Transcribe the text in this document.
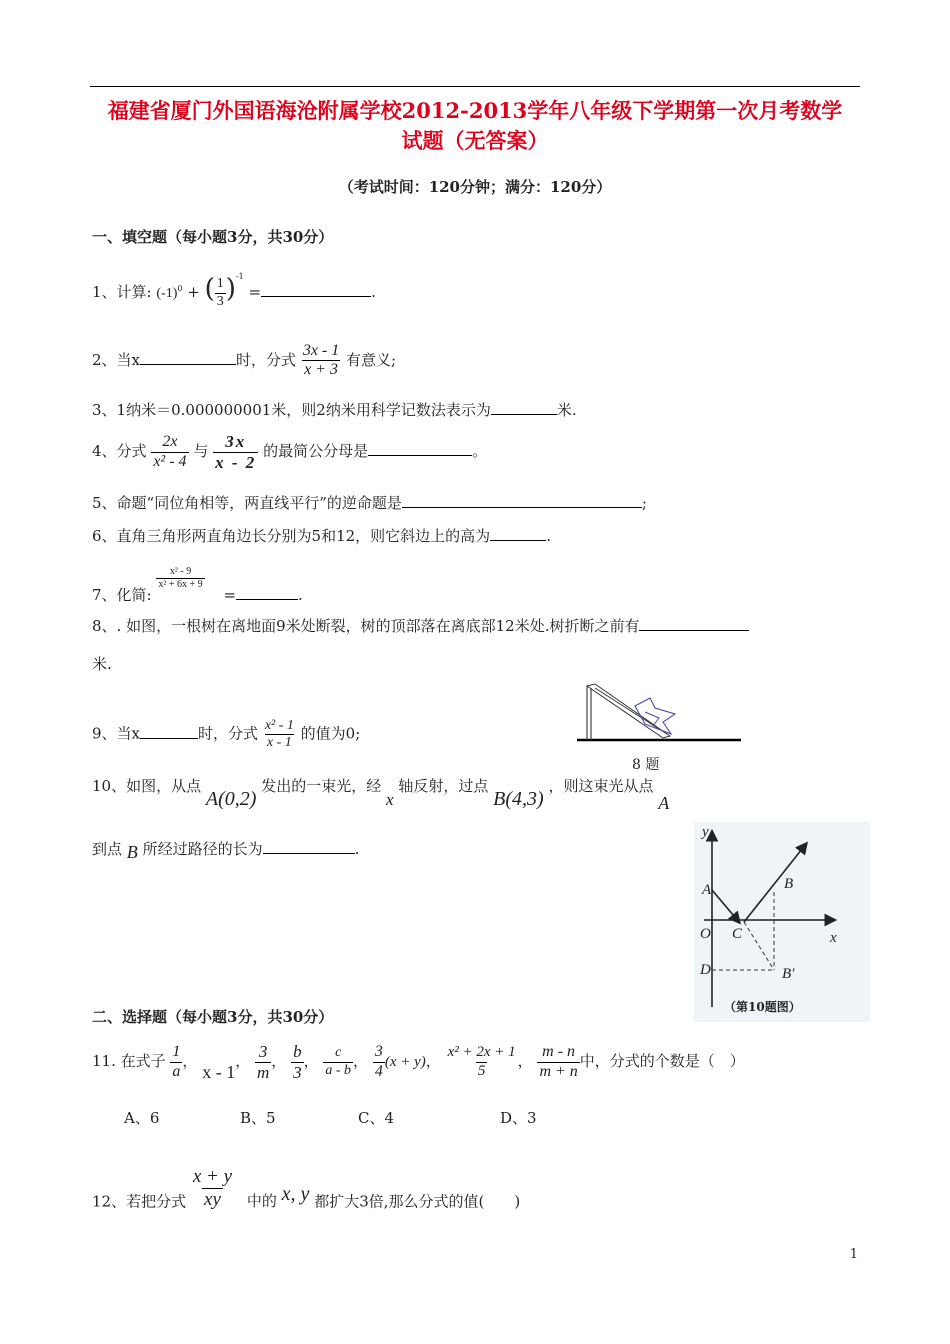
福建省厦门外国语海沧附属学校2012-2013学年八年级下学期第一次月考数学
试题（无答案）
（考试时间：120分钟；满分：120分）
一、填空题（每小题3分，共30分）
1、计算: $(-1)^0$ + ( $\frac{1}{3} )^{-1}$ =	.
2、当x	时，分式 $\frac{3x - 1}{x + 3}$ 有意义;
3、1纳米＝0.000000001米，则2纳米用科学记数法表示为	米.
4、分式 $\frac{2x}{\text{x² - 4}}$ 与 $\frac{3x}{x - 2}$ 的最简公分母是	。
5、命题“同位角相等，两直线平行”的逆命题是	;
6、直角三角形两直角边长分别为5和12，则它斜边上的高为	.
7、化简:
$\frac{\text{x² - 9}}{\text{x² + 6x + 9}}$
=	.
8、. 如图，一根树在离地面9米处断裂，树的顶部落在离底部12米处.树折断之前有
米.
8 题
9、当x	时，分式 $\frac{\text{x² - 1}}{x - 1}$ 的值为0;
10、如图，从点 A(0,2) 发出的一束光，经 x 轴反射，过点 B(4,3) ，则这束光从点 A
到点 B 所经过路径的长为	.
y
x
A	B
O C
D	B′
（第10题图）
二、选择题（每小题3分，共30分）
11. 在式子 $\frac{1}{a}$ ， x - 1， $\frac{3}{m}$ ， $\frac{b}{3}$ ， $\frac{c}{a - b}$ ， $\frac{3}{4} (x + y)$， $\frac{\text{x² + 2x + 1}}{5}$ ， $\frac{m - n}{m + n}$ 中，分式的个数是（　）
A、6	B、5	C、4	D、3
12、若把分式 $\frac{x + y}{xy}$ 中的 x, y 都扩大3倍,那么分式的值(　　)
1
